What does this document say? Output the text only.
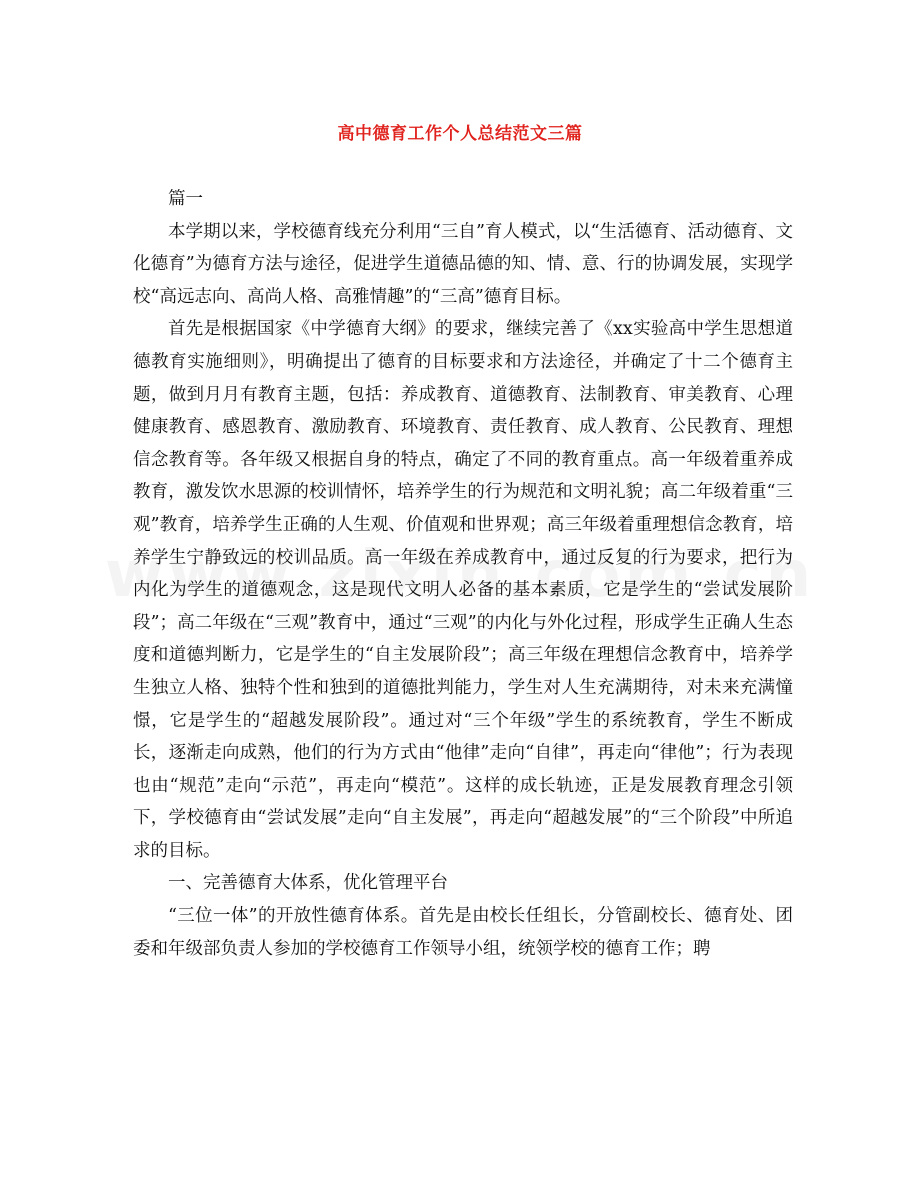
高中德育工作个人总结范文三篇

篇一

本学期以来，学校德育线充分利用“三自”育人模式，以“生活德育、活动德育、文化德育”为德育方法与途径，促进学生道德品德的知、情、意、行的协调发展，实现学校“高远志向、高尚人格、高雅情趣”的“三高”德育目标。

首先是根据国家《中学德育大纲》的要求，继续完善了《xx实验高中学生思想道德教育实施细则》，明确提出了德育的目标要求和方法途径，并确定了十二个德育主题，做到月月有教育主题，包括：养成教育、道德教育、法制教育、审美教育、心理健康教育、感恩教育、激励教育、环境教育、责任教育、成人教育、公民教育、理想信念教育等。各年级又根据自身的特点，确定了不同的教育重点。高一年级着重养成教育，激发饮水思源的校训情怀，培养学生的行为规范和文明礼貌；高二年级着重“三观”教育，培养学生正确的人生观、价值观和世界观；高三年级着重理想信念教育，培养学生宁静致远的校训品质。高一年级在养成教育中，通过反复的行为要求，把行为内化为学生的道德观念，这是现代文明人必备的基本素质，它是学生的“尝试发展阶段”；高二年级在“三观”教育中，通过“三观”的内化与外化过程，形成学生正确人生态度和道德判断力，它是学生的“自主发展阶段”；高三年级在理想信念教育中，培养学生独立人格、独特个性和独到的道德批判能力，学生对人生充满期待，对未来充满憧憬，它是学生的“超越发展阶段”。通过对“三个年级”学生的系统教育，学生不断成长，逐渐走向成熟，他们的行为方式由“他律”走向“自律”，再走向“律他”；行为表现也由“规范”走向“示范”，再走向“模范”。这样的成长轨迹，正是发展教育理念引领下，学校德育由“尝试发展”走向“自主发展”，再走向“超越发展”的“三个阶段”中所追求的目标。

一、完善德育大体系，优化管理平台

“三位一体”的开放性德育体系。首先是由校长任组长，分管副校长、德育处、团委和年级部负责人参加的学校德育工作领导小组，统领学校的德育工作；聘
